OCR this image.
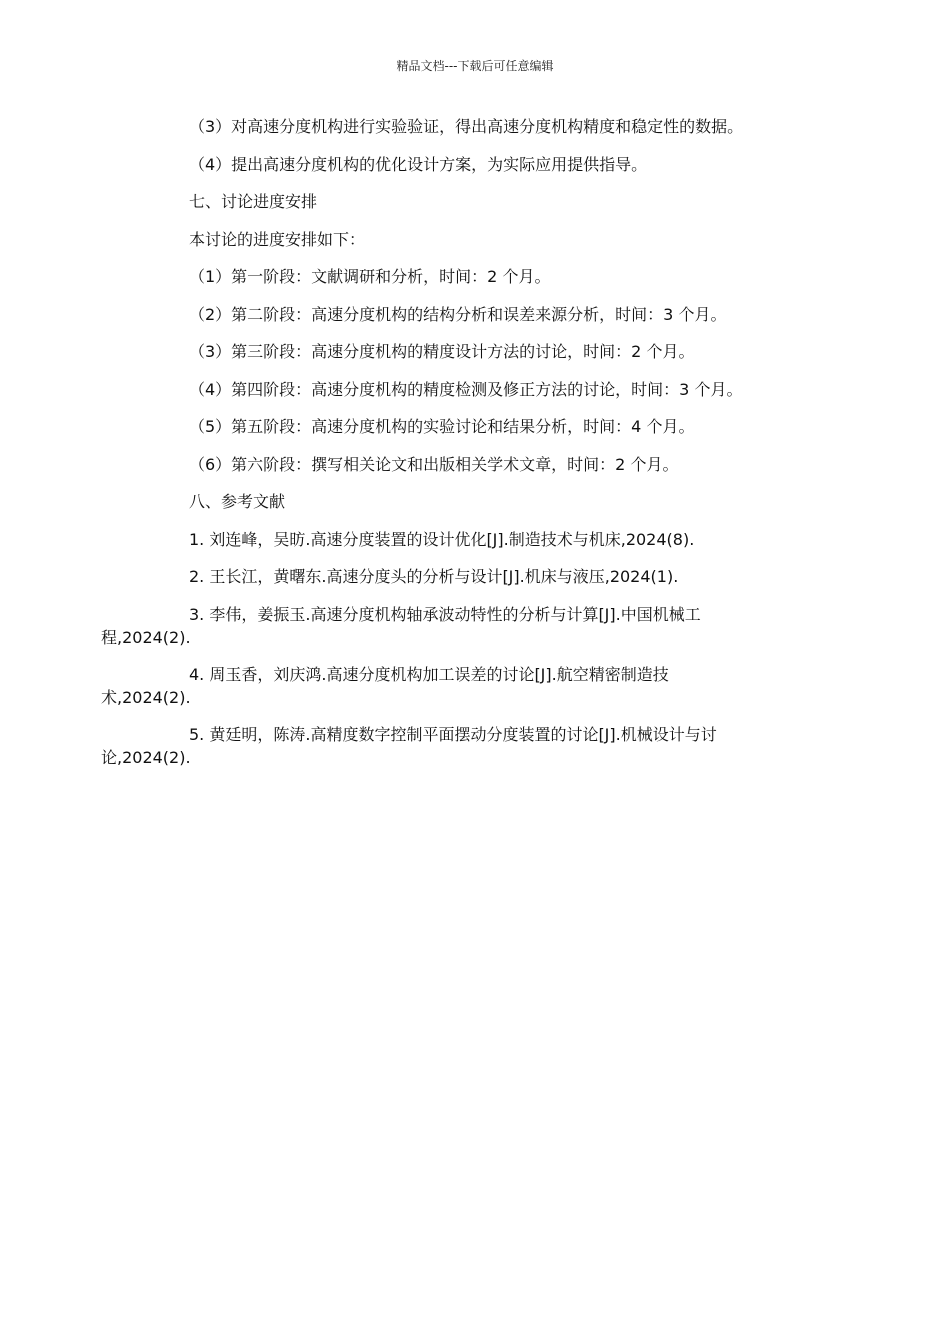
精品文档---下载后可任意编辑

（3）对高速分度机构进行实验验证，得出高速分度机构精度和稳定性的数据。

（4）提出高速分度机构的优化设计方案，为实际应用提供指导。

七、讨论进度安排

本讨论的进度安排如下：

（1）第一阶段：文献调研和分析，时间：2 个月。

（2）第二阶段：高速分度机构的结构分析和误差来源分析，时间：3 个月。

（3）第三阶段：高速分度机构的精度设计方法的讨论，时间：2 个月。

（4）第四阶段：高速分度机构的精度检测及修正方法的讨论，时间：3 个月。

（5）第五阶段：高速分度机构的实验讨论和结果分析，时间：4 个月。

（6）第六阶段：撰写相关论文和出版相关学术文章，时间：2 个月。

八、参考文献

1. 刘连峰，吴昉.高速分度装置的设计优化[J].制造技术与机床,2024(8).

2. 王长江，黄曙东.高速分度头的分析与设计[J].机床与液压,2024(1).

3. 李伟，姜振玉.高速分度机构轴承波动特性的分析与计算[J].中国机械工
程,2024(2).
4. 周玉香，刘庆鸿.高速分度机构加工误差的讨论[J].航空精密制造技
术,2024(2).
5. 黄廷明，陈涛.高精度数字控制平面摆动分度装置的讨论[J].机械设计与讨
论,2024(2).
